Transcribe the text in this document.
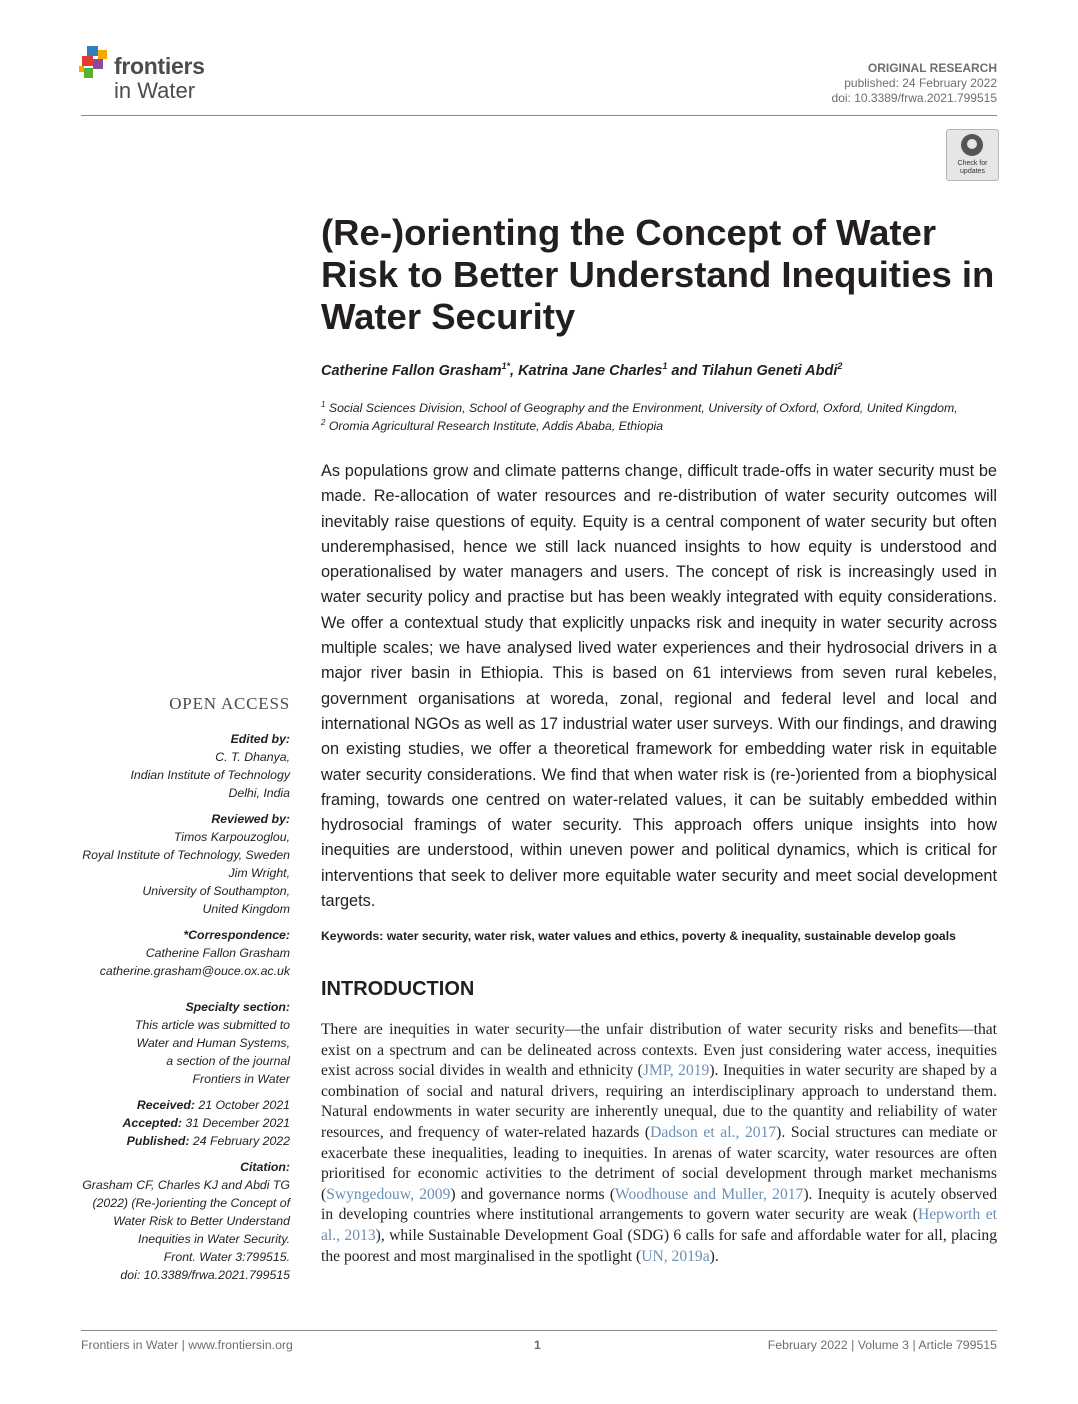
frontiers
in Water
ORIGINAL RESEARCH
published: 24 February 2022
doi: 10.3389/frwa.2021.799515
Check for updates
(Re-)orienting the Concept of Water Risk to Better Understand Inequities in Water Security
Catherine Fallon Grasham$^{1*}$, Katrina Jane Charles$^1$ and Tilahun Geneti Abdi$^2$
$^1$ Social Sciences Division, School of Geography and the Environment, University of Oxford, Oxford, United Kingdom,
$^2$ Oromia Agricultural Research Institute, Addis Ababa, Ethiopia

As populations grow and climate patterns change, difficult trade-offs in water security must be made. Re-allocation of water resources and re-distribution of water security outcomes will inevitably raise questions of equity. Equity is a central component of water security but often underemphasised, hence we still lack nuanced insights to how equity is understood and operationalised by water managers and users. The concept of risk is increasingly used in water security policy and practise but has been weakly integrated with equity considerations. We offer a contextual study that explicitly unpacks risk and inequity in water security across multiple scales; we have analysed lived water experiences and their hydrosocial drivers in a major river basin in Ethiopia. This is based on 61 interviews from seven rural kebeles, government organisations at woreda, zonal, regional and federal level and local and international NGOs as well as 17 industrial water user surveys. With our findings, and drawing on existing studies, we offer a theoretical framework for embedding water risk in equitable water security considerations. We find that when water risk is (re-)oriented from a biophysical framing, towards one centred on water-related values, it can be suitably embedded within hydrosocial framings of water security. This approach offers unique insights into how inequities are understood, within uneven power and political dynamics, which is critical for interventions that seek to deliver more equitable water security and meet social development targets.

Keywords: water security, water risk, water values and ethics, poverty & inequality, sustainable develop goals
INTRODUCTION

There are inequities in water security—the unfair distribution of water security risks and benefits—that exist on a spectrum and can be delineated across contexts. Even just considering water access, inequities exist across social divides in wealth and ethnicity (JMP, 2019). Inequities in water security are shaped by a combination of social and natural drivers, requiring an interdisciplinary approach to understand them. Natural endowments in water security are inherently unequal, due to the quantity and reliability of water resources, and frequency of water-related hazards (Dadson et al., 2017). Social structures can mediate or exacerbate these inequalities, leading to inequities. In arenas of water scarcity, water resources are often prioritised for economic activities to the detriment of social development through market mechanisms (Swyngedouw, 2009) and governance norms (Woodhouse and Muller, 2017). Inequity is acutely observed in developing countries where institutional arrangements to govern water security are weak (Hepworth et al., 2013), while Sustainable Development Goal (SDG) 6 calls for safe and affordable water for all, placing the poorest and most marginalised in the spotlight (UN, 2019a).

OPEN ACCESS
Edited by:
C. T. Dhanya,
Indian Institute of Technology
Delhi, India
Reviewed by:
Timos Karpouzoglou,
Royal Institute of Technology, Sweden
Jim Wright,
University of Southampton,
United Kingdom
*Correspondence:
Catherine Fallon Grasham
catherine.grasham@ouce.ox.ac.uk
Specialty section:
This article was submitted to
Water and Human Systems,
a section of the journal
Frontiers in Water
Received: 21 October 2021
Accepted: 31 December 2021
Published: 24 February 2022
Citation:
Grasham CF, Charles KJ and Abdi TG
(2022) (Re-)orienting the Concept of
Water Risk to Better Understand
Inequities in Water Security.
Front. Water 3:799515.
doi: 10.3389/frwa.2021.799515
Frontiers in Water | www.frontiersin.org	1	February 2022 | Volume 3 | Article 799515
